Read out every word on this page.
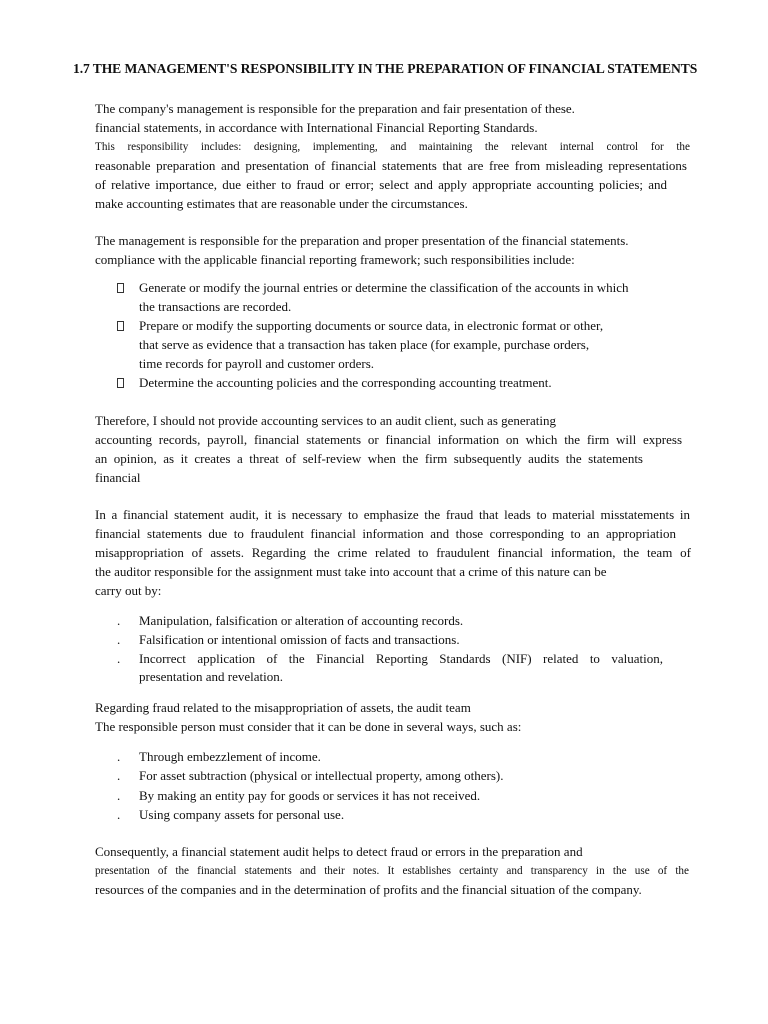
1.7 THE MANAGEMENT'S RESPONSIBILITY IN THE PREPARATION OF FINANCIAL STATEMENTS
The company's management is responsible for the preparation and fair presentation of these.
financial statements, in accordance with International Financial Reporting Standards.
This responsibility includes: designing, implementing, and maintaining the relevant internal control for the
reasonable preparation and presentation of financial statements that are free from misleading representations
of relative importance, due either to fraud or error; select and apply appropriate accounting policies; and
make accounting estimates that are reasonable under the circumstances.
The management is responsible for the preparation and proper presentation of the financial statements.
compliance with the applicable financial reporting framework; such responsibilities include:
Generate or modify the journal entries or determine the classification of the accounts in which
the transactions are recorded.
Prepare or modify the supporting documents or source data, in electronic format or other,
that serve as evidence that a transaction has taken place (for example, purchase orders,
time records for payroll and customer orders.
Determine the accounting policies and the corresponding accounting treatment.
Therefore, I should not provide accounting services to an audit client, such as generating
accounting records, payroll, financial statements or financial information on which the firm will express
an opinion, as it creates a threat of self-review when the firm subsequently audits the statements
financial
In a financial statement audit, it is necessary to emphasize the fraud that leads to material misstatements in
financial statements due to fraudulent financial information and those corresponding to an appropriation
misappropriation of assets. Regarding the crime related to fraudulent financial information, the team of
the auditor responsible for the assignment must take into account that a crime of this nature can be
carry out by:
.	Manipulation, falsification or alteration of accounting records.
.	Falsification or intentional omission of facts and transactions.
.	Incorrect application of the Financial Reporting Standards (NIF) related to valuation,
presentation and revelation.
Regarding fraud related to the misappropriation of assets, the audit team
The responsible person must consider that it can be done in several ways, such as:
.	Through embezzlement of income.
.	For asset subtraction (physical or intellectual property, among others).
.	By making an entity pay for goods or services it has not received.
.	Using company assets for personal use.
Consequently, a financial statement audit helps to detect fraud or errors in the preparation and
presentation of the financial statements and their notes. It establishes certainty and transparency in the use of the
resources of the companies and in the determination of profits and the financial situation of the company.
